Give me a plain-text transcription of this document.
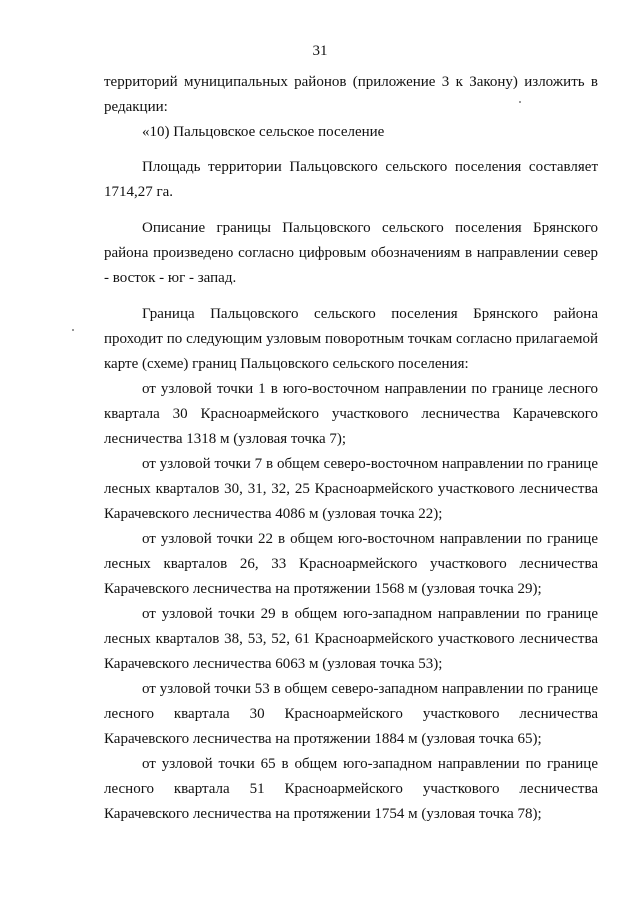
31

территорий муниципальных районов (приложение 3 к Закону) изложить в редакции:

«10) Пальцовское сельское поселение

Площадь территории Пальцовского сельского поселения составляет 1714,27 га.

Описание границы Пальцовского сельского поселения Брянского района произведено согласно цифровым обозначениям в направлении север - восток - юг - запад.

Граница Пальцовского сельского поселения Брянского района проходит по следующим узловым поворотным точкам согласно прилагаемой карте (схеме) границ Пальцовского сельского поселения:

от узловой точки 1 в юго-восточном направлении по границе лесного квартала 30 Красноармейского участкового лесничества Карачевского лесничества 1318 м (узловая точка 7);

от узловой точки 7 в общем северо-восточном направлении по границе лесных кварталов 30, 31, 32, 25 Красноармейского участкового лесничества Карачевского лесничества 4086 м (узловая точка 22);

от узловой точки 22 в общем юго-восточном направлении по границе лесных кварталов 26, 33 Красноармейского участкового лесничества Карачевского лесничества на протяжении 1568 м (узловая точка 29);

от узловой точки 29 в общем юго-западном направлении по границе лесных кварталов 38, 53, 52, 61 Красноармейского участкового лесничества Карачевского лесничества 6063 м (узловая точка 53);

от узловой точки 53 в общем северо-западном направлении по границе лесного квартала 30 Красноармейского участкового лесничества Карачевского лесничества на протяжении 1884 м (узловая точка 65);

от узловой точки 65 в общем юго-западном направлении по границе лесного квартала 51 Красноармейского участкового лесничества Карачевского лесничества на протяжении 1754 м (узловая точка 78);
